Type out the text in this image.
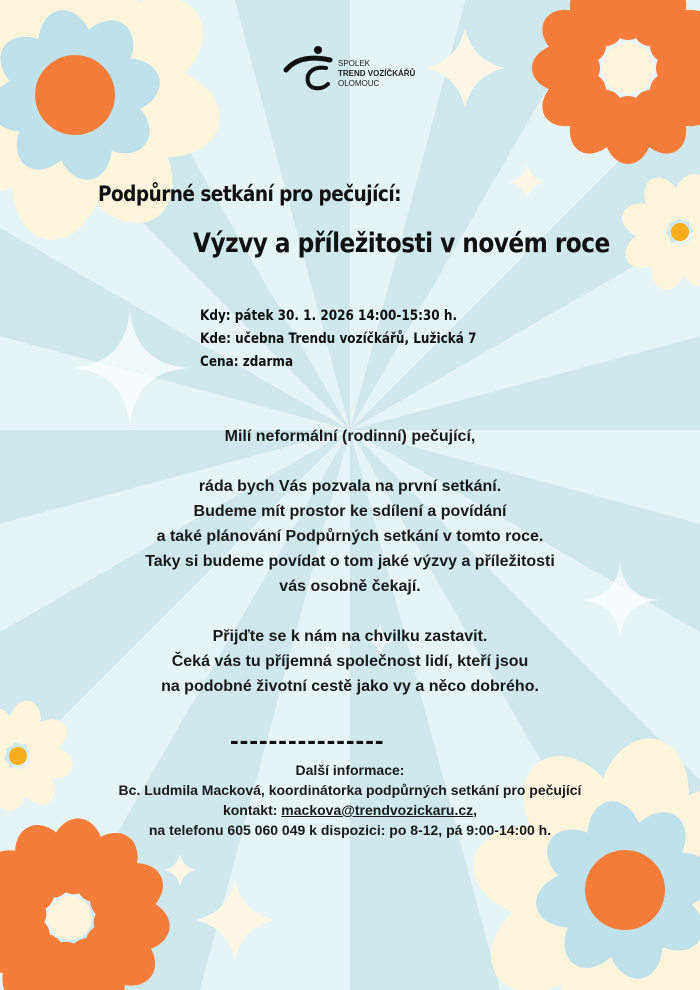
SPOLEK
TREND VOZÍČKÁŘŮ
OLOMOUC
Podpůrné setkání pro pečující:
Výzvy a příležitosti v novém roce
Kdy: pátek 30. 1. 2026 14:00-15:30 h.
Kde: učebna Trendu vozíčkářů, Lužická 7
Cena: zdarma

Milí neformální (rodinní) pečující,

ráda bych Vás pozvala na první setkání.

Budeme mít prostor ke sdílení a povídání

a také plánování Podpůrných setkání v tomto roce.

Taky si budeme povídat o tom jaké výzvy a příležitosti

vás osobně čekají.

Přijďte se k nám na chvilku zastavit.

Čeká vás tu příjemná společnost lidí, kteří jsou

na podobné životní cestě jako vy a něco dobrého.

----------------
Další informace:
Bc. Ludmila Macková, koordinátorka podpůrných setkání pro pečující
kontakt: mackova@trendvozickaru.cz,
na telefonu 605 060 049 k dispozici: po 8-12, pá 9:00-14:00 h.
